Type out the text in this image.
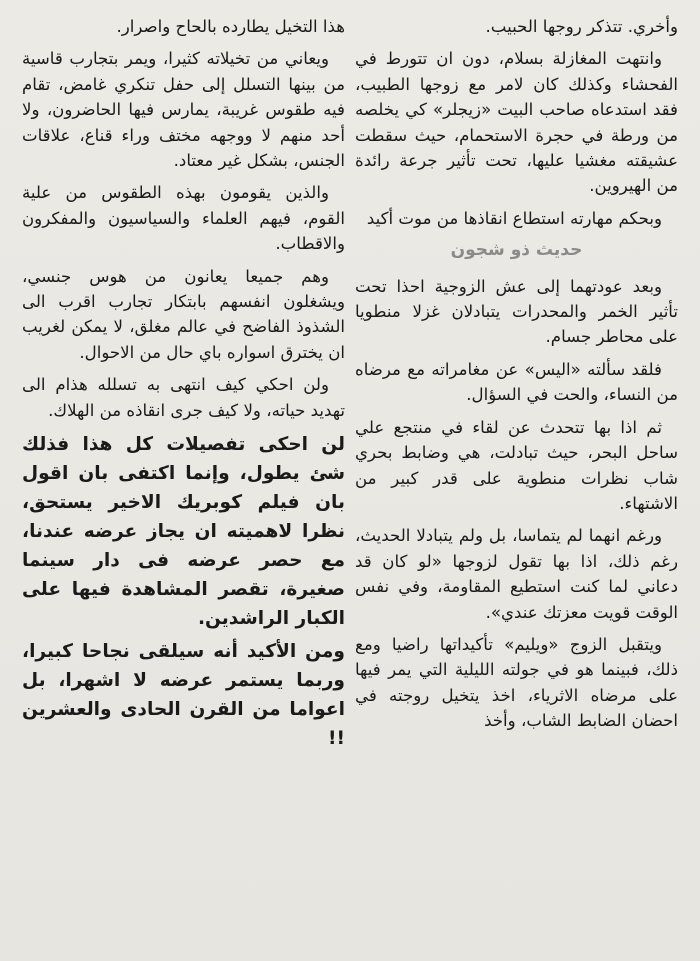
وأخري. تتذكر روجها الحبيب.

وانتهت المغازلة بسلام، دون ان تتورط في الفحشاء وكذلك كان لامر مع زوجها الطبيب، فقد استدعاه صاحب البيت «زيجلر» كي يخلصه من ورطة في حجرة الاستحمام، حيث سقطت عشيقته مغشيا عليها، تحت تأثير جرعة رائدة من الهيروين.

وبحكم مهارته استطاع انقاذها من موت أكيد

حديث ذو شجون

وبعد عودتهما إلى عش الزوجية احذا تحت تأثير الخمر والمحدرات يتبادلان غزلا منطويا على محاطر جسام.

فلقد سألته «اليس» عن مغامراته مع مرضاه من النساء، والحت في السؤال.

ثم اذا بها تتحدث عن لقاء في منتجع علي ساحل البحر، حيث تبادلت، هي وضابط بحري شاب نظرات منطوية على قدر كبير من الاشتهاء.

ورغم انهما لم يتماسا، بل ولم يتبادلا الحديث، رغم ذلك، اذا بها تقول لزوجها «لو كان قد دعاني لما كنت استطيع المقاومة، وفي نفس الوقت قويت معزتك عندي».

ويتقبل الزوج «ويليم» تأكيداتها راضيا ومع ذلك، فبينما هو في جولته الليلية التي يمر فيها على مرضاه الاثرياء، اخذ يتخيل روجته في احضان الضابط الشاب، وأخذ

هذا التخيل يطارده بالحاح واصرار.

ويعاني من تخيلاته كثيرا، ويمر بتجارب قاسية من بينها التسلل إلى حفل تنكري غامض، تقام فيه طقوس غريبة، يمارس فيها الحاضرون، ولا أحد منهم لا ووجهه مختف وراء قناع، علاقات الجنس، بشكل غير معتاد.

والذين يقومون بهذه الطقوس من علية القوم، فيهم العلماء والسياسيون والمفكرون والاقطاب.

وهم جميعا يعانون من هوس جنسي، ويشغلون انفسهم بابتكار تجارب اقرب الى الشذوذ الفاضح في عالم مغلق، لا يمكن لغريب ان يخترق اسواره باي حال من الاحوال.

ولن احكي كيف انتهى به تسلله هذام الى تهديد حياته، ولا كيف جرى انقاذه من الهلاك.

لن احكى تفصيلات كل هذا فذلك شئ يطول، وإنما اكتفى بان اقول بان فيلم كوبريك الاخير يستحق، نظرا لاهميته ان يجاز عرضه عندنا، مع حصر عرضه فى دار سينما صغيرة، تقصر المشاهدة فيها على الكبار الراشدين.

ومن الأكيد أنه سيلقى نجاحا كبيرا، وربما يستمر عرضه لا اشهرا، بل اعواما من القرن الحادى والعشرين !!
